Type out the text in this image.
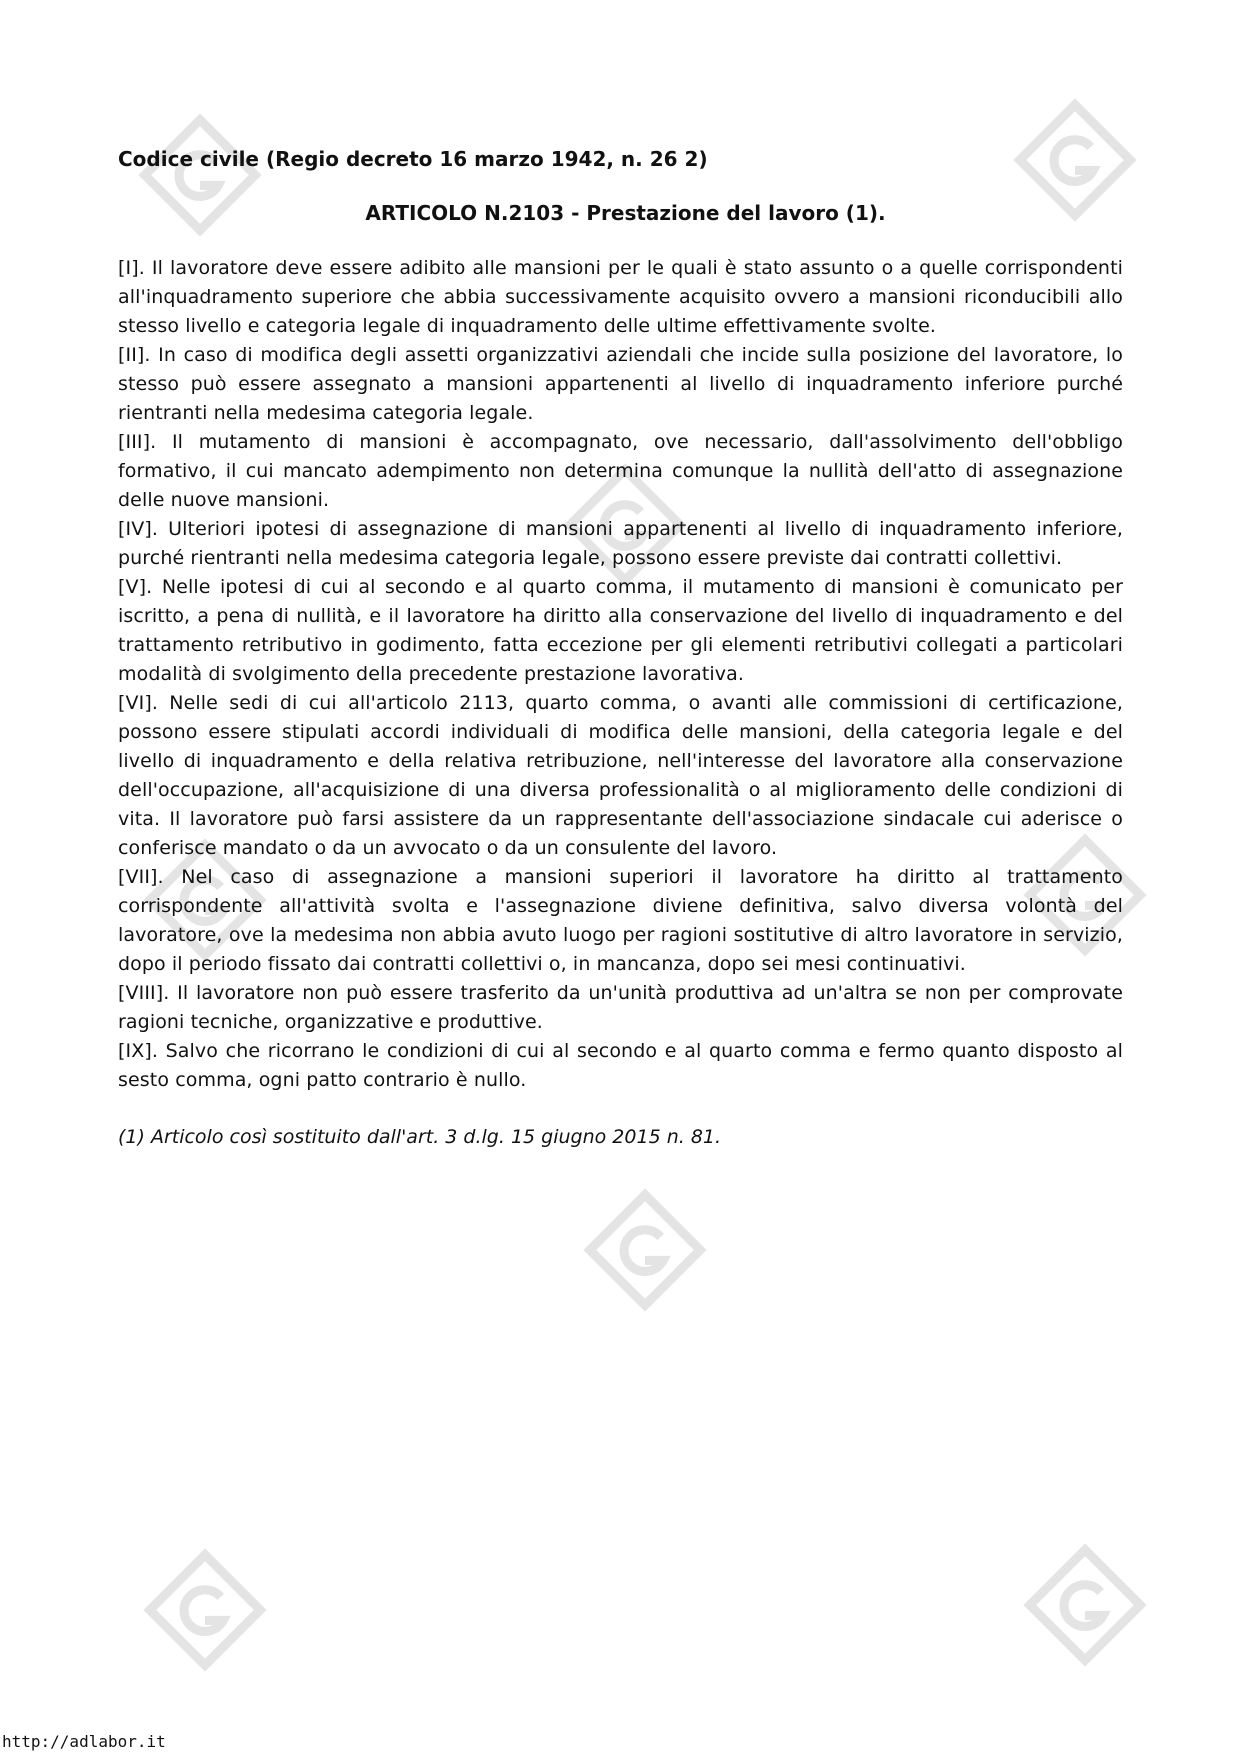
Codice civile (Regio decreto 16 marzo 1942, n. 26 2)

ARTICOLO N.2103 - Prestazione del lavoro (1).

[I]. Il lavoratore deve essere adibito alle mansioni per le quali è stato assunto o a quelle corrispondenti all'inquadramento superiore che abbia successivamente acquisito ovvero a mansioni riconducibili allo stesso livello e categoria legale di inquadramento delle ultime effettivamente svolte.

[II]. In caso di modifica degli assetti organizzativi aziendali che incide sulla posizione del lavoratore, lo stesso può essere assegnato a mansioni appartenenti al livello di inquadramento inferiore purché rientranti nella medesima categoria legale.

[III]. Il mutamento di mansioni è accompagnato, ove necessario, dall'assolvimento dell'obbligo formativo, il cui mancato adempimento non determina comunque la nullità dell'atto di assegnazione delle nuove mansioni.

[IV]. Ulteriori ipotesi di assegnazione di mansioni appartenenti al livello di inquadramento inferiore, purché rientranti nella medesima categoria legale, possono essere previste dai contratti collettivi.

[V]. Nelle ipotesi di cui al secondo e al quarto comma, il mutamento di mansioni è comunicato per iscritto, a pena di nullità, e il lavoratore ha diritto alla conservazione del livello di inquadramento e del trattamento retributivo in godimento, fatta eccezione per gli elementi retributivi collegati a particolari modalità di svolgimento della precedente prestazione lavorativa.

[VI]. Nelle sedi di cui all'articolo 2113, quarto comma, o avanti alle commissioni di certificazione, possono essere stipulati accordi individuali di modifica delle mansioni, della categoria legale e del livello di inquadramento e della relativa retribuzione, nell'interesse del lavoratore alla conservazione dell'occupazione, all'acquisizione di una diversa professionalità o al miglioramento delle condizioni di vita. Il lavoratore può farsi assistere da un rappresentante dell'associazione sindacale cui aderisce o conferisce mandato o da un avvocato o da un consulente del lavoro.

[VII]. Nel caso di assegnazione a mansioni superiori il lavoratore ha diritto al trattamento corrispondente all'attività svolta e l'assegnazione diviene definitiva, salvo diversa volontà del lavoratore, ove la medesima non abbia avuto luogo per ragioni sostitutive di altro lavoratore in servizio, dopo il periodo fissato dai contratti collettivi o, in mancanza, dopo sei mesi continuativi.

[VIII]. Il lavoratore non può essere trasferito da un'unità produttiva ad un'altra se non per comprovate ragioni tecniche, organizzative e produttive.

[IX]. Salvo che ricorrano le condizioni di cui al secondo e al quarto comma e fermo quanto disposto al sesto comma, ogni patto contrario è nullo.

(1) Articolo così sostituito dall'art. 3 d.lg. 15 giugno 2015 n. 81.

http://adlabor.it
